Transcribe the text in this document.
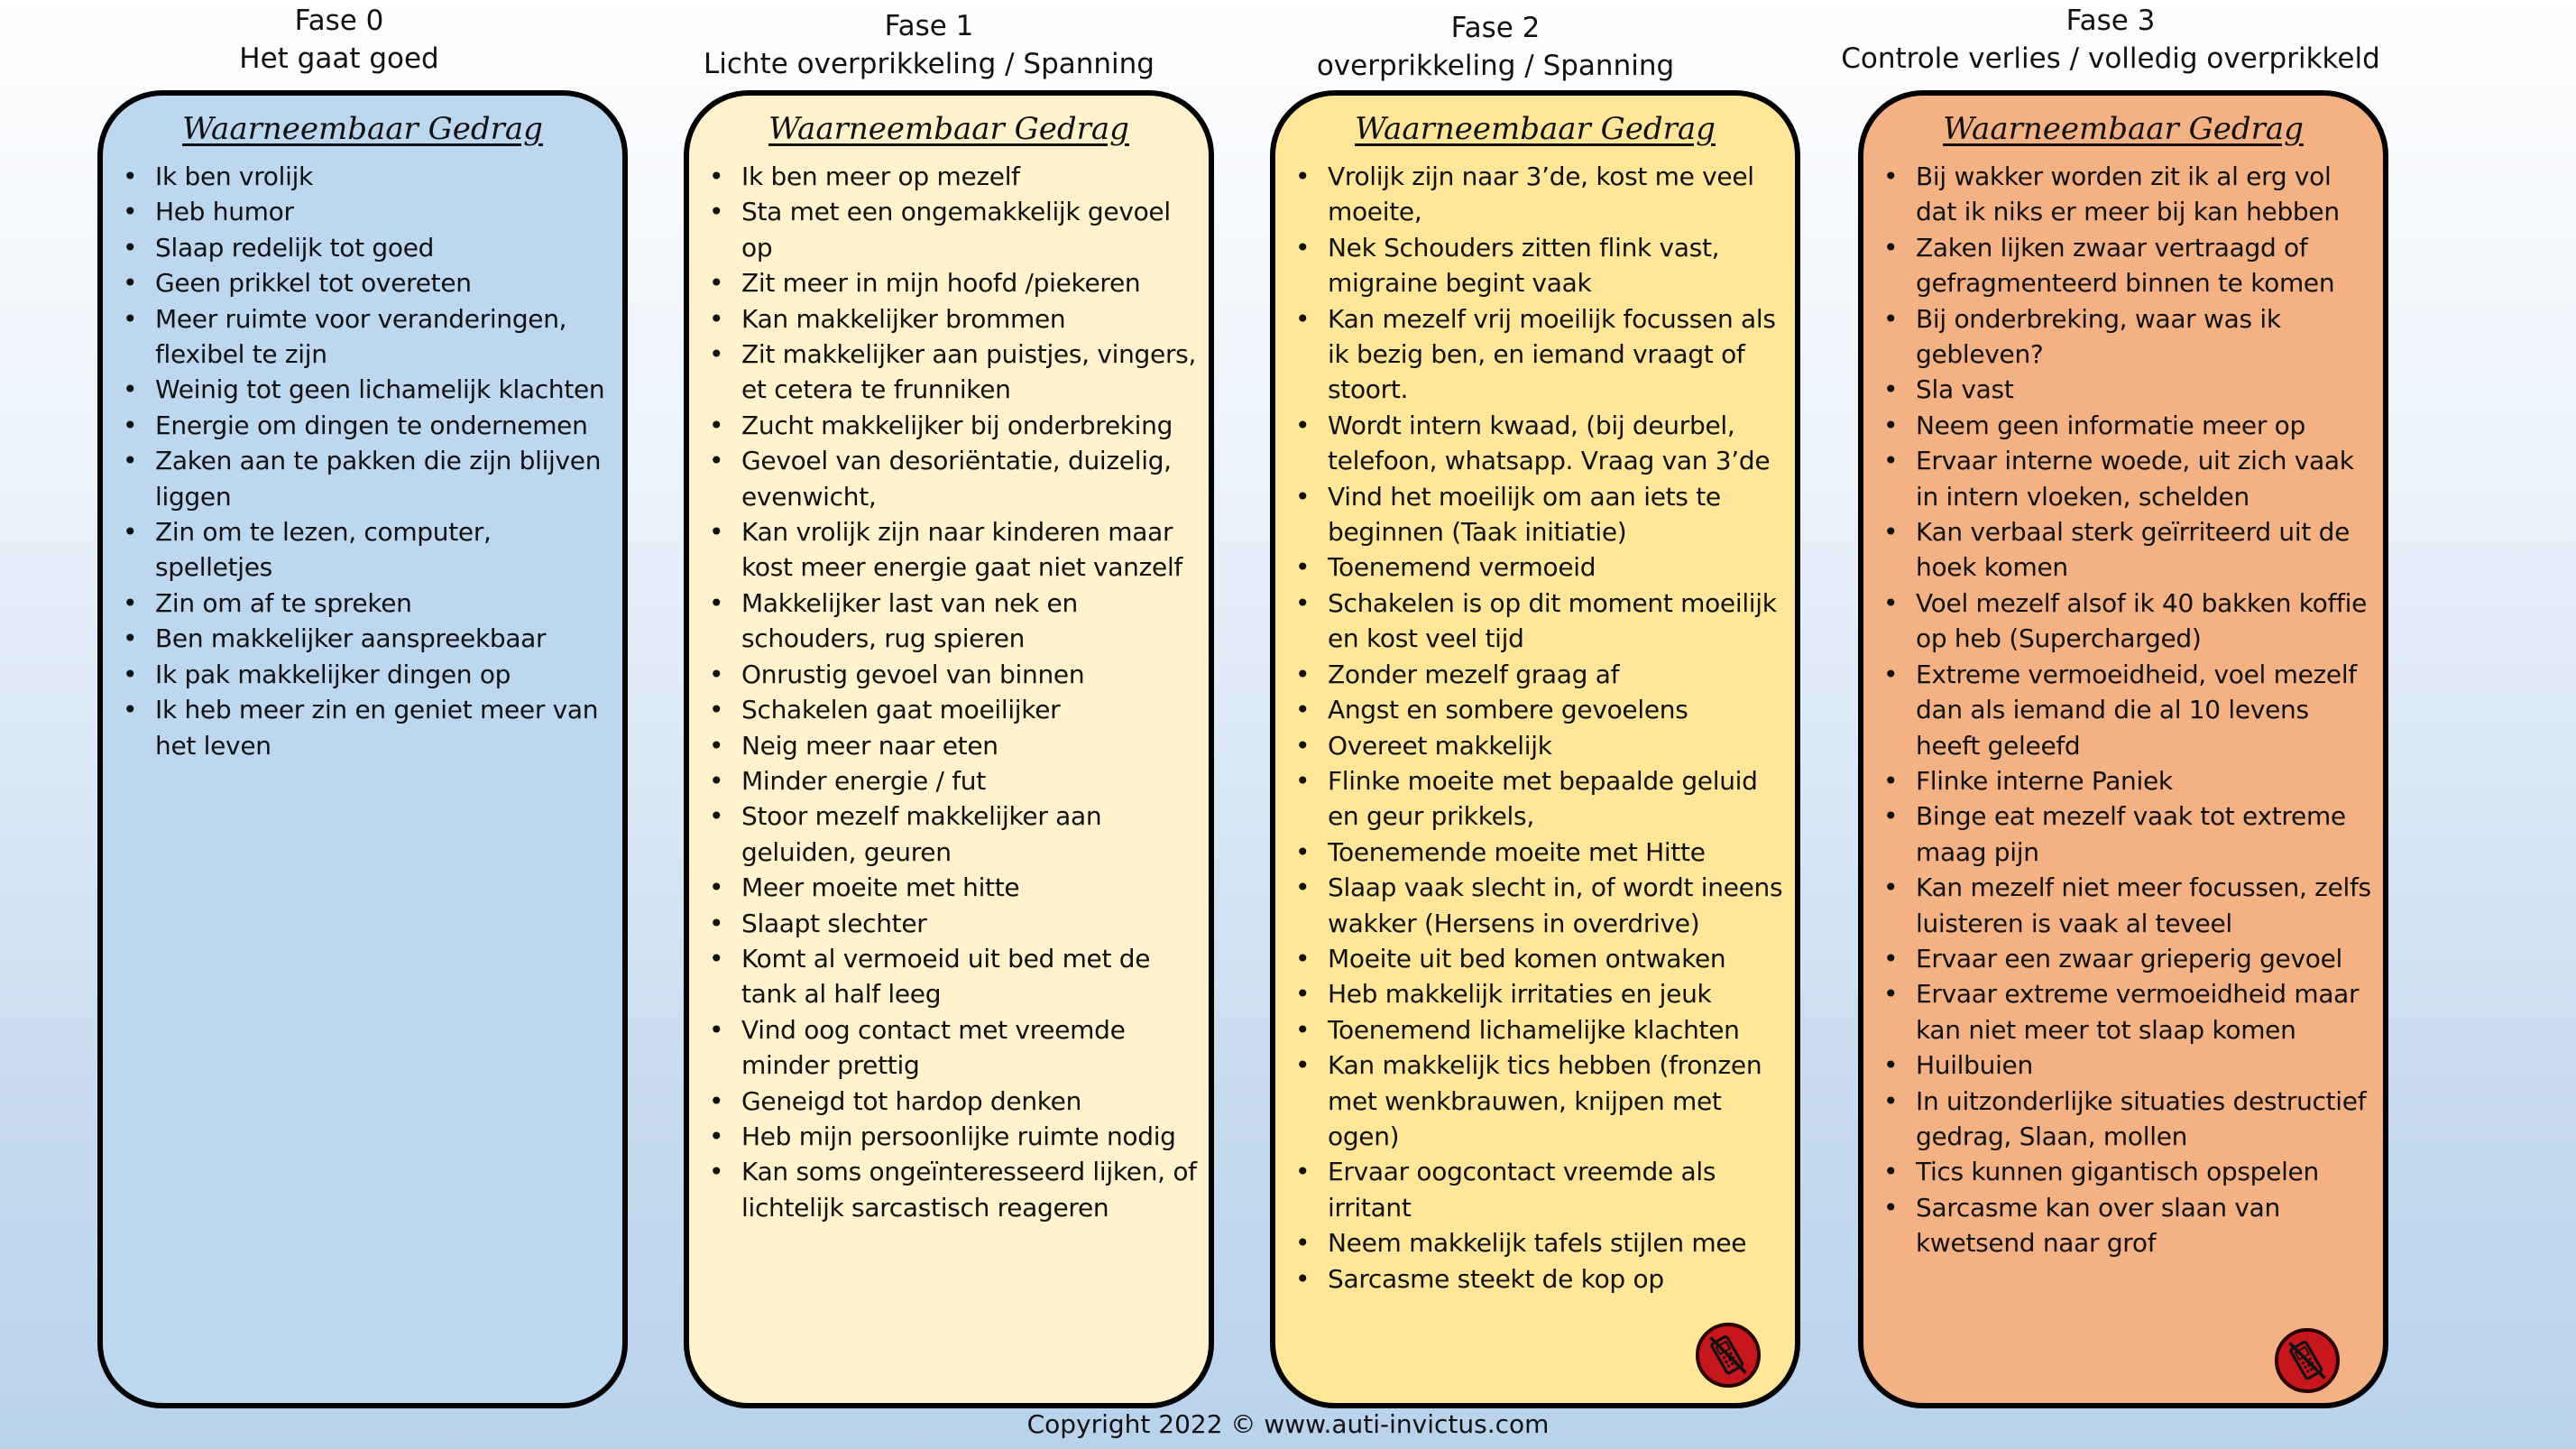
Fase 0
Het gaat goed
Fase 1
Lichte overprikkeling / Spanning
Fase 2
overprikkeling / Spanning
Fase 3
Controle verlies / volledig overprikkeld
Waarneembaar Gedrag
• Ik ben vrolijk
• Heb humor
• Slaap redelijk tot goed
• Geen prikkel tot overeten
• Meer ruimte voor veranderingen, flexibel te zijn
• Weinig tot geen lichamelijk klachten
• Energie om dingen te ondernemen
• Zaken aan te pakken die zijn blijven liggen
• Zin om te lezen, computer, spelletjes
• Zin om af te spreken
• Ben makkelijker aanspreekbaar
• Ik pak makkelijker dingen op
• Ik heb meer zin en geniet meer van het leven
Waarneembaar Gedrag
• Ik ben meer op mezelf
• Sta met een ongemakkelijk gevoel op
• Zit meer in mijn hoofd /piekeren
• Kan makkelijker brommen
• Zit makkelijker aan puistjes, vingers, et cetera te frunniken
• Zucht makkelijker bij onderbreking
• Gevoel van desoriëntatie, duizelig, evenwicht,
• Kan vrolijk zijn naar kinderen maar kost meer energie gaat niet vanzelf
• Makkelijker last van nek en schouders, rug spieren
• Onrustig gevoel van binnen
• Schakelen gaat moeilijker
• Neig meer naar eten
• Minder energie / fut
• Stoor mezelf makkelijker aan geluiden, geuren
• Meer moeite met hitte
• Slaapt slechter
• Komt al vermoeid uit bed met de tank al half leeg
• Vind oog contact met vreemde minder prettig
• Geneigd tot hardop denken
• Heb mijn persoonlijke ruimte nodig
• Kan soms ongeïnteresseerd lijken, of lichtelijk sarcastisch reageren
Waarneembaar Gedrag
• Vrolijk zijn naar 3’de, kost me veel moeite,
• Nek Schouders zitten flink vast, migraine begint vaak
• Kan mezelf vrij moeilijk focussen als ik bezig ben, en iemand vraagt of stoort.
• Wordt intern kwaad, (bij deurbel, telefoon, whatsapp. Vraag van 3’de
• Vind het moeilijk om aan iets te beginnen (Taak initiatie)
• Toenemend vermoeid
• Schakelen is op dit moment moeilijk en kost veel tijd
• Zonder mezelf graag af
• Angst en sombere gevoelens
• Overeet makkelijk
• Flinke moeite met bepaalde geluid en geur prikkels,
• Toenemende moeite met Hitte
• Slaap vaak slecht in, of wordt ineens wakker (Hersens in overdrive)
• Moeite uit bed komen ontwaken
• Heb makkelijk irritaties en jeuk
• Toenemend lichamelijke klachten
• Kan makkelijk tics hebben (fronzen met wenkbrauwen, knijpen met ogen)
• Ervaar oogcontact vreemde als irritant
• Neem makkelijk tafels stijlen mee
• Sarcasme steekt de kop op
Waarneembaar Gedrag
• Bij wakker worden zit ik al erg vol dat ik niks er meer bij kan hebben
• Zaken lijken zwaar vertraagd of gefragmenteerd binnen te komen
• Bij onderbreking, waar was ik gebleven?
• Sla vast
• Neem geen informatie meer op
• Ervaar interne woede, uit zich vaak in intern vloeken, schelden
• Kan verbaal sterk geïrriteerd uit de hoek komen
• Voel mezelf alsof ik 40 bakken koffie op heb (Supercharged)
• Extreme vermoeidheid, voel mezelf dan als iemand die al 10 levens heeft geleefd
• Flinke interne Paniek
• Binge eat mezelf vaak tot extreme maag pijn
• Kan mezelf niet meer focussen, zelfs luisteren is vaak al teveel
• Ervaar een zwaar grieperig gevoel
• Ervaar extreme vermoeidheid maar kan niet meer tot slaap komen
• Huilbuien
• In uitzonderlijke situaties destructief gedrag, Slaan, mollen
• Tics kunnen gigantisch opspelen
• Sarcasme kan over slaan van kwetsend naar grof
Copyright 2022 © www.auti-invictus.com
